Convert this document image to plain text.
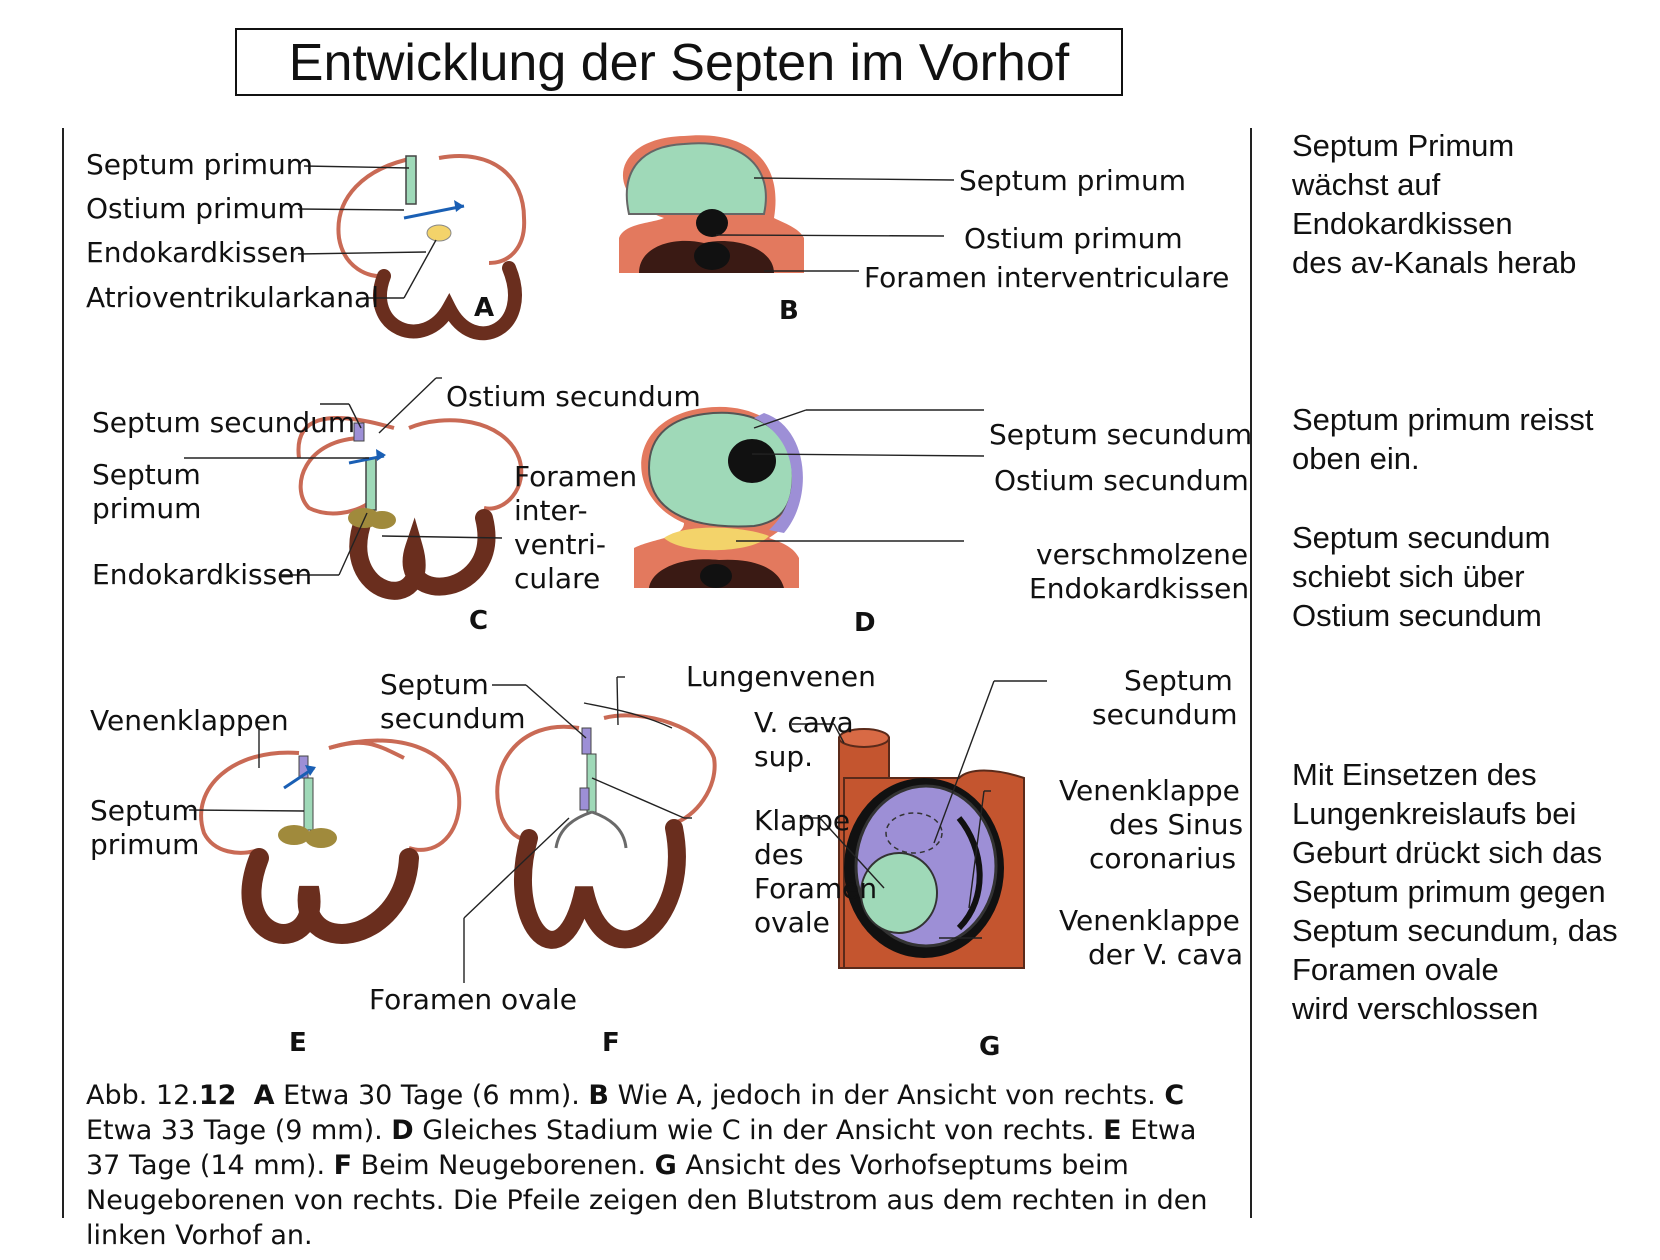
Entwicklung der Septen im Vorhof
Septum primum
Ostium primum
Endokardkissen
Atrioventrikularkanal	A
Septum primum
Ostium primum
Foramen interventriculare
B
Septum secundum
Ostium secundum
Septum
primum
Endokardkissen
Foramen
inter-
ventri-
culare
C
Septum secundum
Ostium secundum
verschmolzene
Endokardkissen
D
Venenklappen
Septum
primum
E
Septum
secundum
Lungenvenen
V. cava
sup.
Klappe
des
Foramen
ovale
Foramen ovale
F
Septum
secundum
Venenklappe
des Sinus
coronarius
Venenklappe
der V. cava
G
Abb. 12.12 A Etwa 30 Tage (6 mm). B Wie A, jedoch in der Ansicht von rechts. C Etwa 33 Tage (9 mm). D Gleiches Stadium wie C in der Ansicht von rechts. E Etwa 37 Tage (14 mm). F Beim Neugeborenen. G Ansicht des Vorhofseptums beim Neugeborenen von rechts. Die Pfeile zeigen den Blutstrom aus dem rechten in den linken Vorhof an.
Septum Primum
wächst auf
Endokardkissen
des av-Kanals herab
Septum primum reisst
oben ein.
Septum secundum
schiebt sich über
Ostium secundum
Mit Einsetzen des
Lungenkreislaufs bei
Geburt drückt sich das
Septum primum gegen
Septum secundum, das
Foramen ovale
wird verschlossen
